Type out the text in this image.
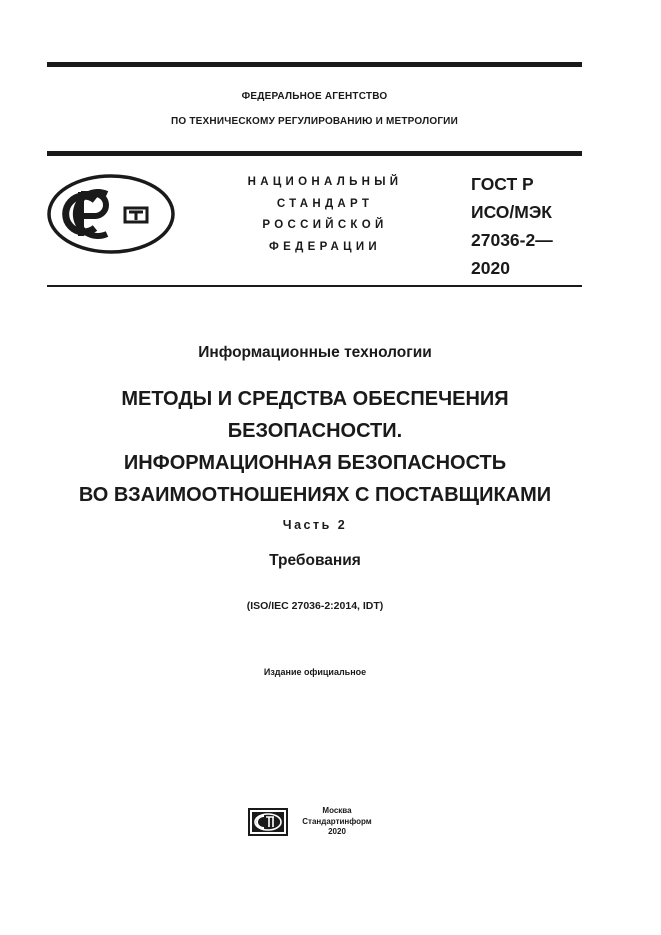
ФЕДЕРАЛЬНОЕ АГЕНТСТВО
ПО ТЕХНИЧЕСКОМУ РЕГУЛИРОВАНИЮ И МЕТРОЛОГИИ
НАЦИОНАЛЬНЫЙ
СТАНДАРТ
РОССИЙСКОЙ
ФЕДЕРАЦИИ
ГОСТ Р
ИСО/МЭК
27036-2—
2020
Информационные технологии
МЕТОДЫ И СРЕДСТВА ОБЕСПЕЧЕНИЯ
БЕЗОПАСНОСТИ.
ИНФОРМАЦИОННАЯ БЕЗОПАСНОСТЬ
ВО ВЗАИМООТНОШЕНИЯХ С ПОСТАВЩИКАМИ
Часть 2
Требования
(ISO/IEC 27036-2:2014, IDT)
Издание официальное
Москва
Стандартинформ
2020
